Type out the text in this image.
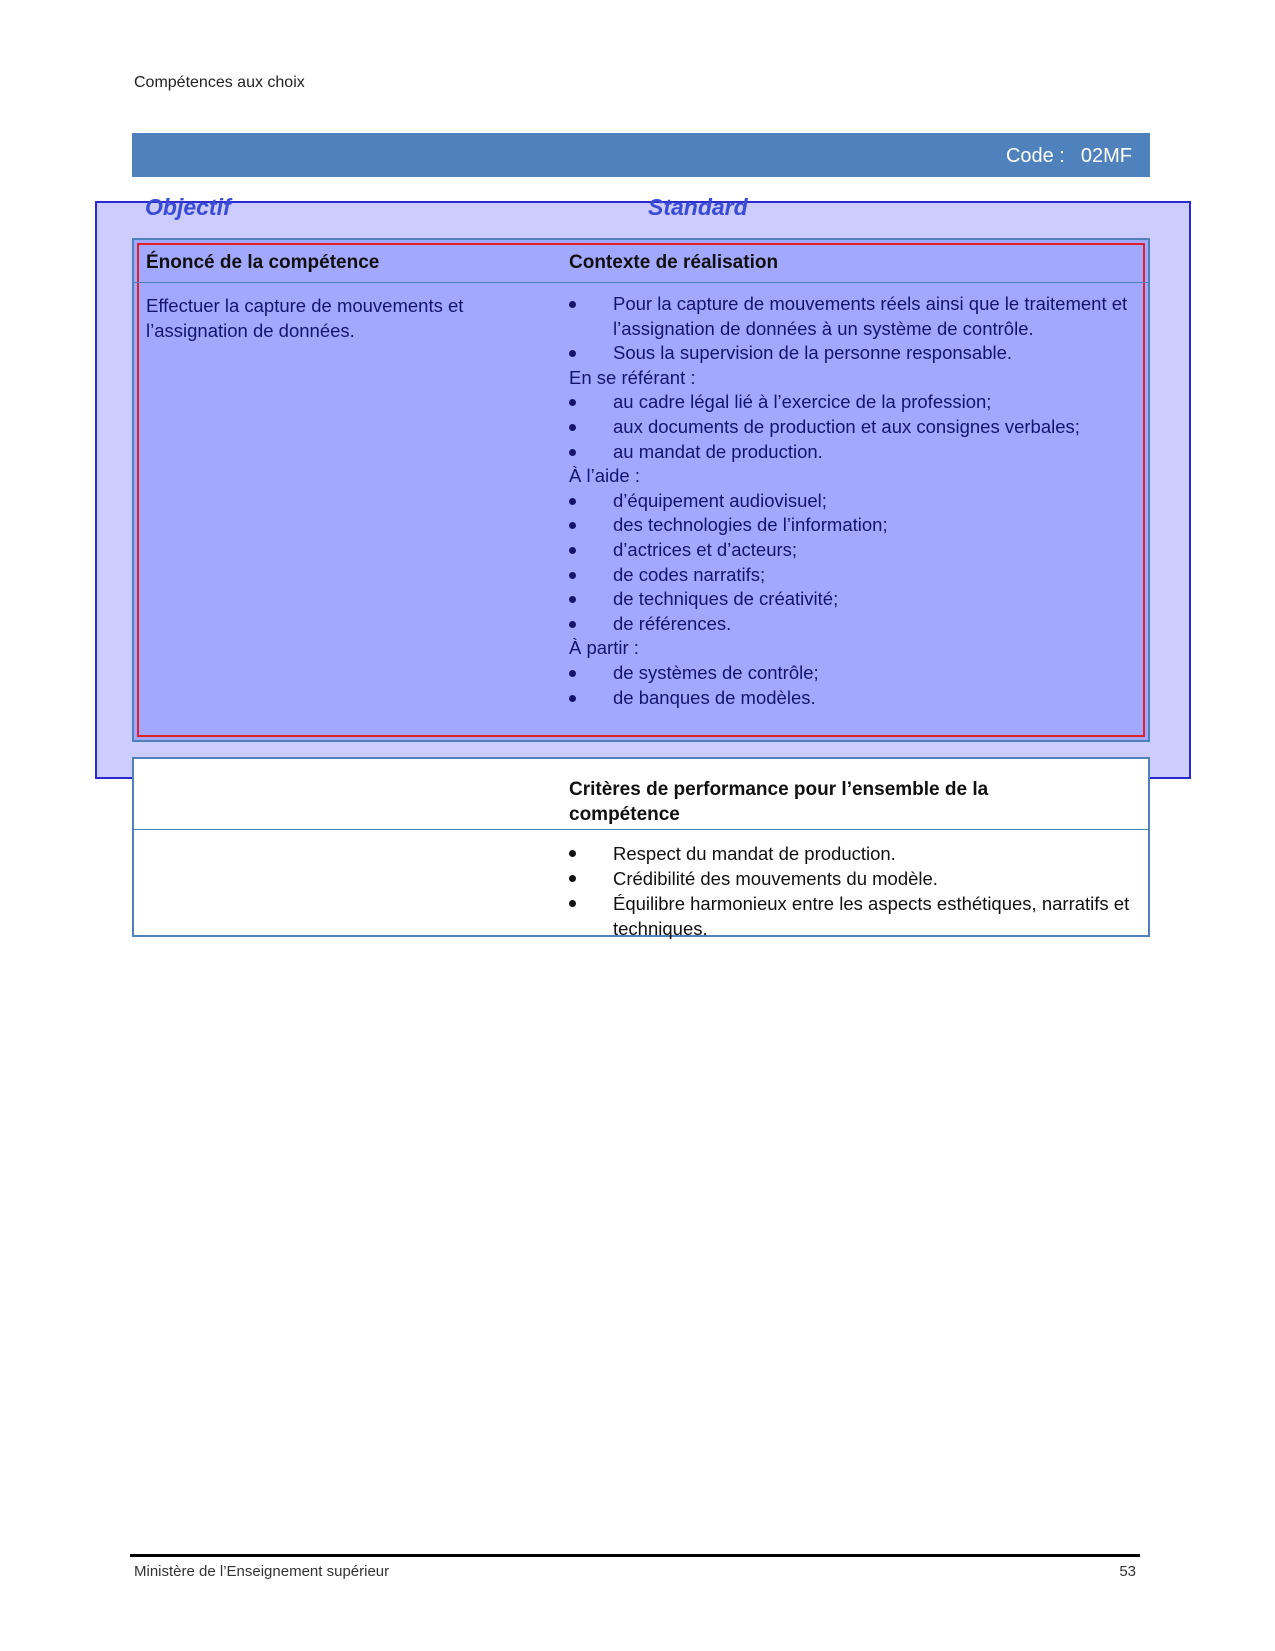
Compétences aux choix
Code : 02MF
Objectif	Standard
Énoncé de la compétence	Contexte de réalisation
Effectuer la capture de mouvements et l’assignation de données.
Pour la capture de mouvements réels ainsi que le traitement et l’assignation de données à un système de contrôle.
Sous la supervision de la personne responsable.
En se référant :
au cadre légal lié à l’exercice de la profession;
aux documents de production et aux consignes verbales;
au mandat de production.
À l’aide :
d’équipement audiovisuel;
des technologies de l’information;
d’actrices et d’acteurs;
de codes narratifs;
de techniques de créativité;
de références.
À partir :
de systèmes de contrôle;
de banques de modèles.
Critères de performance pour l’ensemble de la compétence
Respect du mandat de production.
Crédibilité des mouvements du modèle.
Équilibre harmonieux entre les aspects esthétiques, narratifs et techniques.
Ministère de l’Enseignement supérieur	53
